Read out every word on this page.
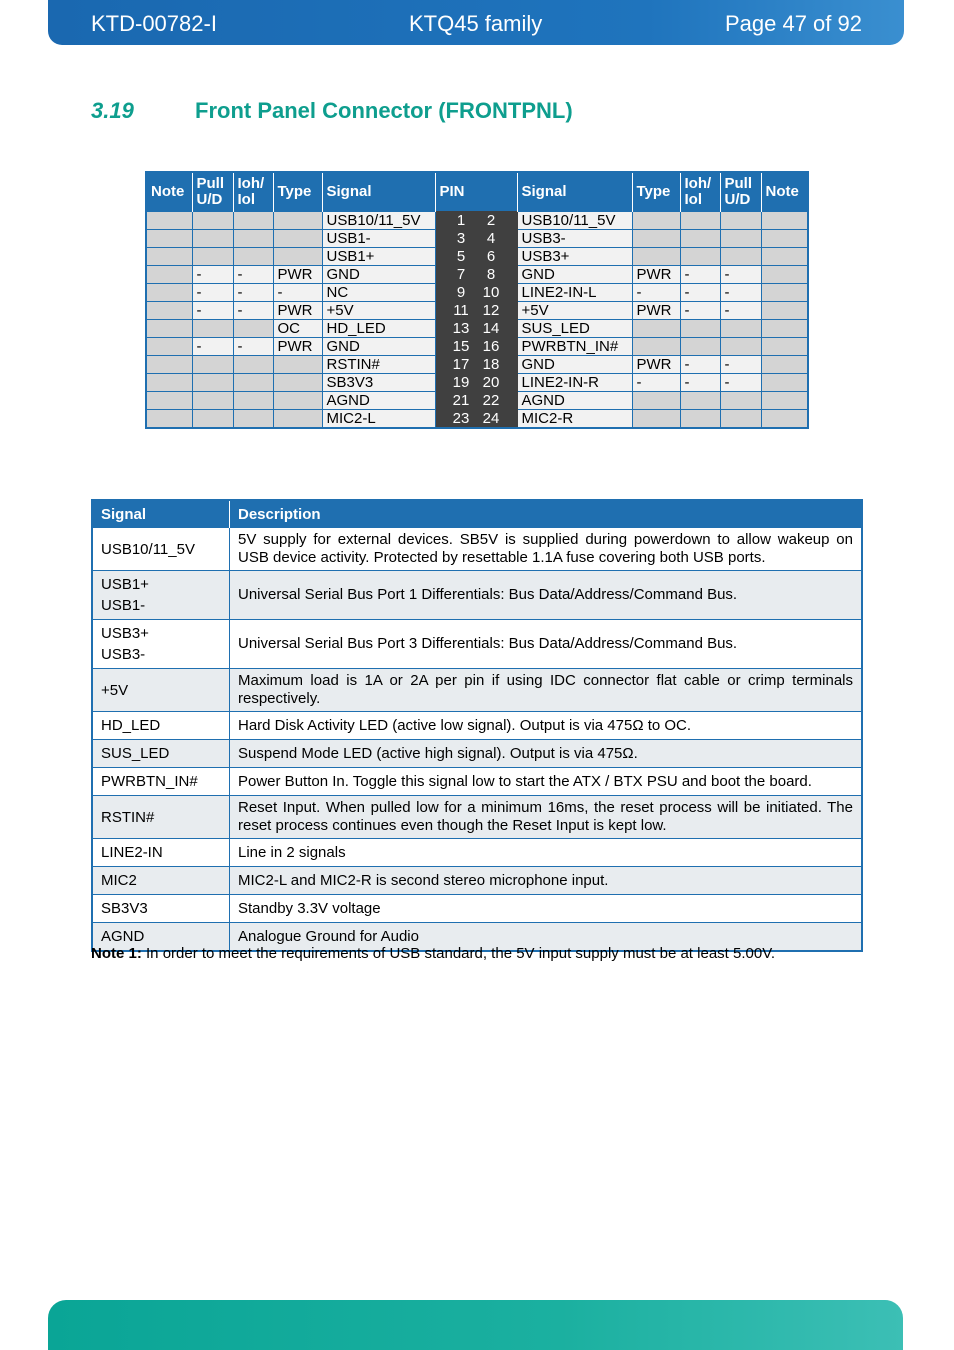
KTD-00782-I	KTQ45 family	Page 47 of 92
3.19	Front Panel Connector (FRONTPNL)
Note	Pull U/D	Ioh/ Iol	Type	Signal	PIN	Signal	Type	Ioh/ Iol	Pull U/D	Note
				USB10/11_5V	1 2	USB10/11_5V				
				USB1-	3 4	USB3-				
				USB1+	5 6	USB3+				
	-	-	PWR	GND	7 8	GND	PWR	-	-	
	-	-	-	NC	9 10	LINE2-IN-L	-	-	-	
	-	-	PWR	+5V	11 12	+5V	PWR	-	-	
			OC	HD_LED	13 14	SUS_LED				
	-	-	PWR	GND	15 16	PWRBTN_IN#				
				RSTIN#	17 18	GND	PWR	-	-	
				SB3V3	19 20	LINE2-IN-R	-	-	-	
				AGND	21 22	AGND				
				MIC2-L	23 24	MIC2-R				
Signal	Description

USB10/11_5V	5V supply for external devices. SB5V is supplied during powerdown to allow wakeup on USB device activity. Protected by resettable 1.1A fuse covering both USB ports.

USB1+
USB1-	Universal Serial Bus Port 1 Differentials: Bus Data/Address/Command Bus.

USB3+
USB3-	Universal Serial Bus Port 3 Differentials: Bus Data/Address/Command Bus.

+5V	Maximum load is 1A or 2A per pin if using IDC connector flat cable or crimp terminals respectively.

HD_LED	Hard Disk Activity LED (active low signal). Output is via 475Ω to OC.

SUS_LED	Suspend Mode LED (active high signal). Output is via 475Ω.

PWRBTN_IN#	Power Button In. Toggle this signal low to start the ATX / BTX PSU and boot the board.

RSTIN#	Reset Input. When pulled low for a minimum 16ms, the reset process will be initiated. The reset process continues even though the Reset Input is kept low.

LINE2-IN	Line in 2 signals

MIC2	MIC2-L and MIC2-R is second stereo microphone input.

SB3V3	Standby 3.3V voltage

AGND	Analogue Ground for Audio
Note 1: In order to meet the requirements of USB standard, the 5V input supply must be at least 5.00V.
